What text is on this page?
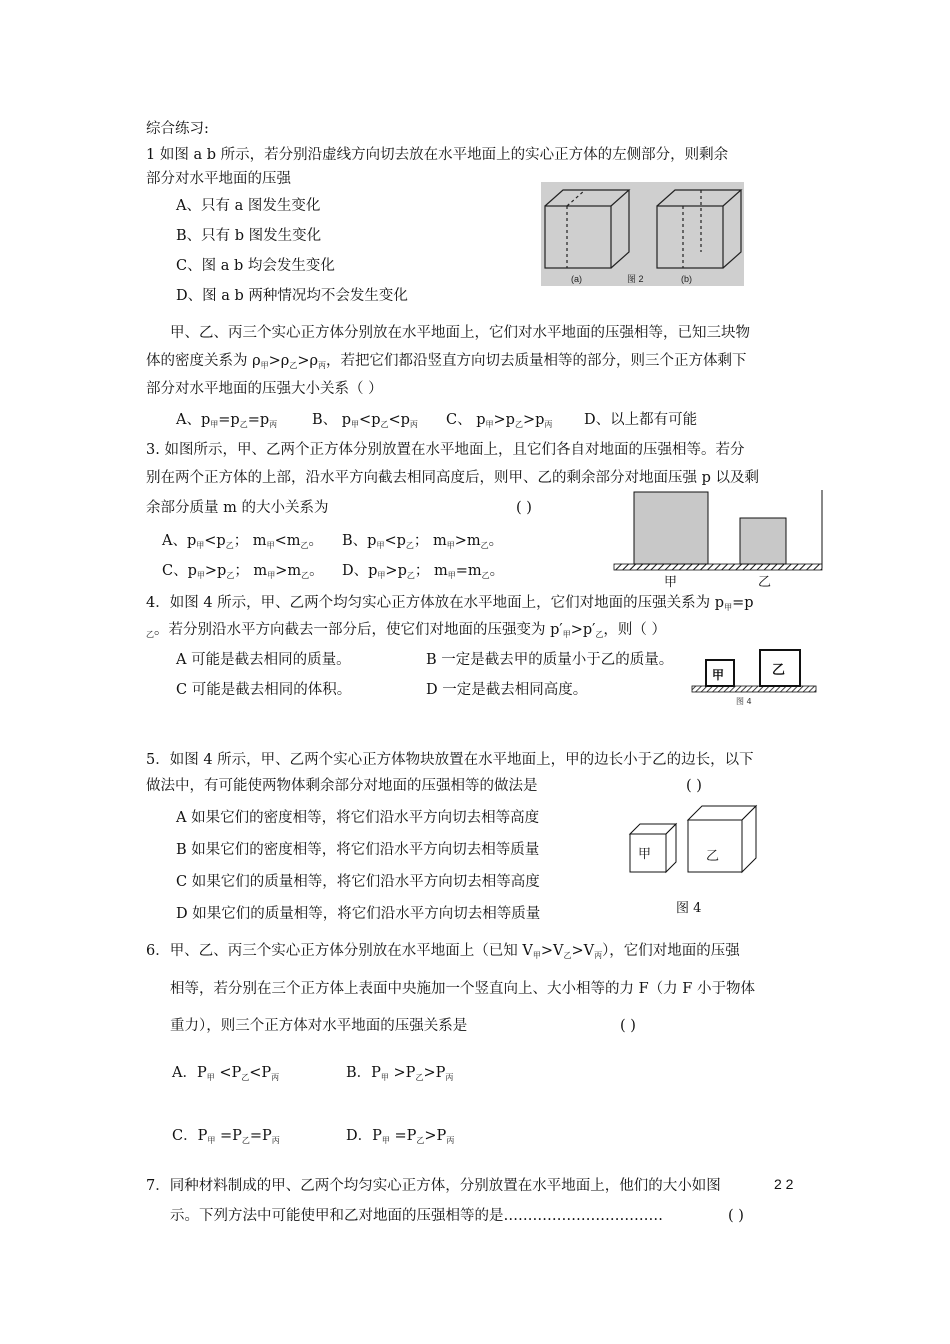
综合练习:
1 如图 a b 所示，若分别沿虚线方向切去放在水平地面上的实心正方体的左侧部分，则剩余
部分对水平地面的压强
A、只有 a 图发生变化
B、只有 b 图发生变化
C、图 a b 均会发生变化
D、图 a b 两种情况均不会发生变化
(a)	图 2	(b)
甲、乙、丙三个实心正方体分别放在水平地面上，它们对水平地面的压强相等，已知三块物
体的密度关系为 $\rho_甲>\rho_乙>\rho_丙$，若把它们都沿竖直方向切去质量相等的部分，则三个正方体剩下
部分对水平地面的压强大小关系（ ）
A、$p_甲=p_乙=p_丙$ B、 $p_甲<p_乙<p_丙$ C、 $p_甲>p_乙>p_丙$ D、以上都有可能
3. 如图所示，甲、乙两个正方体分别放置在水平地面上，且它们各自对地面的压强相等。若分
别在两个正方体的上部，沿水平方向截去相同高度后，则甲、乙的剩余部分对地面压强 p 以及剩
余部分质量 m 的大小关系为	( )
A、$p_甲<p_乙$； $m_甲<m_乙$。 B、$p_甲<p_乙$； $m_甲>m_乙$。
C、$p_甲>p_乙$； $m_甲>m_乙$。 D、$p_甲>p_乙$； $m_甲=m_乙$。
甲	乙
4．如图 4 所示，甲、乙两个均匀实心正方体放在水平地面上，它们对地面的压强关系为 $p_甲=p$
$_乙$。若分别沿水平方向截去一部分后，使它们对地面的压强变为 $p'_甲>p'_乙$，则（ ）
A 可能是截去相同的质量。	B 一定是截去甲的质量小于乙的质量。
C 可能是截去相同的体积。	D 一定是截去相同高度。
甲	乙
图 4
5．如图 4 所示，甲、乙两个实心正方体物块放置在水平地面上，甲的边长小于乙的边长，以下
做法中，有可能使两物体剩余部分对地面的压强相等的做法是	( )
A 如果它们的密度相等，将它们沿水平方向切去相等高度
B 如果它们的密度相等，将它们沿水平方向切去相等质量
C 如果它们的质量相等，将它们沿水平方向切去相等高度
D 如果它们的质量相等，将它们沿水平方向切去相等质量
甲	乙
图 4
6．甲、乙、丙三个实心正方体分别放在水平地面上（已知 $V_甲>V_乙>V_丙$），它们对地面的压强
相等，若分别在三个正方体上表面中央施加一个竖直向上、大小相等的力 F（力 F 小于物体
重力），则三个正方体对水平地面的压强关系是	( )
A．$P_甲 <P_乙<P_丙$	B．$P_甲 >P_乙>P_丙$
C．$P_甲 =P_乙=P_丙$	D．$P_甲 =P_乙>P_丙$
7．同种材料制成的甲、乙两个均匀实心正方体，分别放置在水平地面上，他们的大小如图	2 2
示。下列方法中可能使甲和乙对地面的压强相等的是……………………………	( )
